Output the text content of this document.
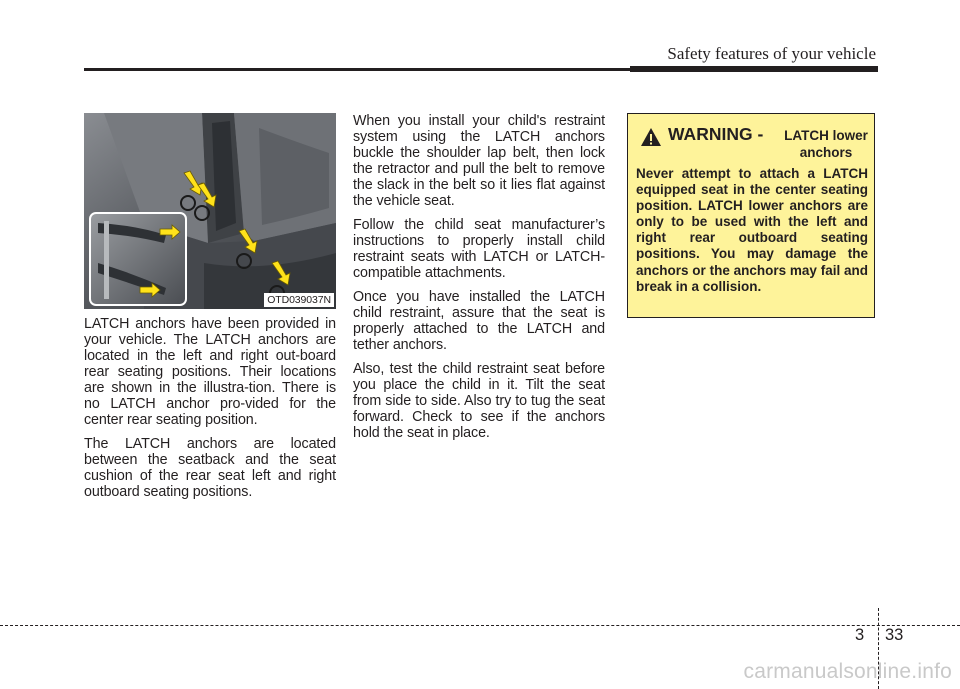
Safety features of your vehicle
OTD039037N

LATCH anchors have been provided in your vehicle. The LATCH anchors are located in the left and right out-board rear seating positions. Their locations are shown in the illustra-tion. There is no LATCH anchor pro-vided for the center rear seating position.

The LATCH anchors are located between the seatback and the seat cushion of the rear seat left and right outboard seating positions.

When you install your child's restraint system using the LATCH anchors buckle the shoulder lap belt, then lock the retractor and pull the belt to remove the slack in the belt so it lies flat against the vehicle seat.

Follow the child seat manufacturer’s instructions to properly install child restraint seats with LATCH or LATCH-compatible attachments.

Once you have installed the LATCH child restraint, assure that the seat is properly attached to the LATCH and tether anchors.

Also, test the child restraint seat before you place the child in it. Tilt the seat from side to side. Also try to tug the seat forward. Check to see if the anchors hold the seat in place.

WARNING -	LATCH lower anchors

Never attempt to attach a LATCH equipped seat in the center seating position. LATCH lower anchors are only to be used with the left and right rear outboard seating positions. You may damage the anchors or the anchors may fail and break in a collision.

3 33
carmanualsonline.info
